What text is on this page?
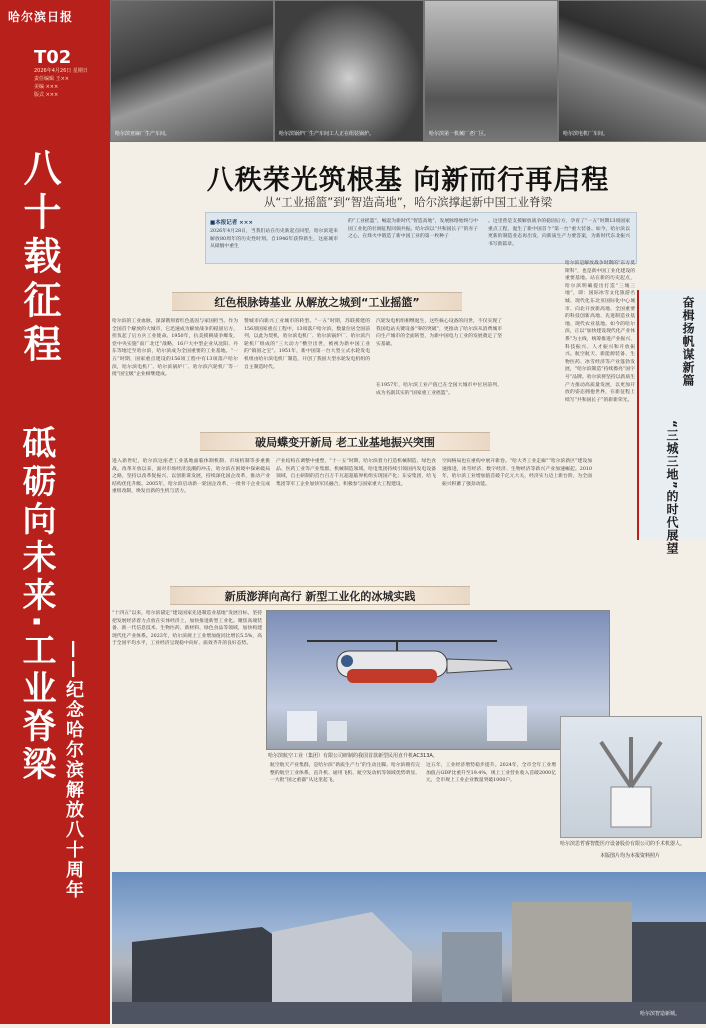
哈尔滨日报
T02
2026年4月26日 星期日
责任编辑 王××
美编 ×××
版式 ×××
八十载征程
砥砺向未来·工业脊梁 ——纪念哈尔滨解放八十周年
哈尔滨亚麻厂生产车间。	哈尔滨锅炉厂生产车间工人正在组装锅炉。	哈尔滨第一机械厂老厂区。	哈尔滨电机厂车间。
八秩荣光筑根基 向新而行再启程
从“工业摇篮”到“智造高地”，哈尔滨撑起新中国工业脊梁
■本报记者 ×××
2026年4月28日，当我们站在历史新起点回望，哈尔滨迎来解放80周年的历史性时刻。自1946年获得新生，这座城市从硝烟中重生
的“工业摇篮”，崛起为新时代“智造高地”，发展脉络始终与中国工业化的壮阔征程同频共振。哈尔滨以“共和国长子”的赤子之心，在烽火中锻造了新中国工业的第一枚种子
。这里曾是支援解放战争的稳固后方，孕育了“一五”时期13项国家重点工程，诞生了新中国首个“第一台”重大装备。如今，哈尔滨以更新的制造业态再出发，向新质生产力要答案，为新时代东北振兴书写新篇章。
红色根脉铸基业 从解放之城到“工业摇篮”
哈尔滨的工业血脉，深深镌刻着红色基因与家国担当。作为全国首个解放的大城市，它迅速成为解放战争的稳固后方，担负起了后方兵工业使命。1950年，抗美援朝战争爆发，党中央实施“南厂北迁”战略，16户大中型企业从沈阳、丹东等地迁至哈尔滨，哈尔滨成为全国重要的工业基地。“一五”时期，国家重点建设的156项工程中有13项落户哈尔滨，哈尔滨电机厂、哈尔滨锅炉厂、哈尔滨汽轮机厂等一批“国宝级”企业相继建成。
赞城市向新兴工业城市的转型。“一五”时期，苏联援建的156项国家重点工程中，13项落户哈尔滨，数量位居全国前列，以此为契机，哈尔滨电机厂、哈尔滨锅炉厂、哈尔滨汽轮机厂组成的“三大动力”横空出世，被视为新中国工业的“镇国之宝”。1951年，新中国第一台大型立式水轮发电机组由哈尔滨电机厂制造，开创了我国大型水轮发电机组的自主制造时代。
汽轮发电机组相继诞生，这些核心设备的问世，不仅实现了我国电站关键设备“零的突破”，更推动了哈尔滨从消费城市向生产城市的全面转型，为新中国电力工业的发展奠定了坚实基础。
在1957年，哈尔滨工业产值已在全国大城市中位居前列，成为名副其实的“国家重工业摇篮”。
破局蝶变开新局 老工业基地振兴突围
进入新世纪，哈尔滨这座老工业基地面临体制机制、市场机制等多重挑战。改革开放以来，面对市场经济浪潮的冲击，哈尔滨在困境中探索破局之路，坚持以改革促振兴、以创新谋发展，持续深化国企改革，推动产业结构优化升级。2005年，哈尔滨启动新一轮国企改革，一批骨干企业完成重组改制，焕发出新的生机与活力。
产业结构在调整中重塑，“十一五”时期，哈尔滨着力打造机械制造、绿色食品、医药工业等产业集群，机械制造领域，哈电集团持续引领国内发电设备领域，自主研制的首台百万千瓦超超临界机组实现国产化；东安集团、哈飞集团等军工企业加快军民融合，积极参与国家重大工程建设。
空间格局也在重构中展开新卷。“哈大齐工业走廊”“哈尔滨新区”建设加速推进，冰雪经济、数字经济、生物经济等新兴产业加速崛起。2010年，哈尔滨工业增加值首破千亿元大关，经济实力迈上新台阶，为全面振兴积蓄了强劲动能。
新质澎湃向高行 新型工业化的冰城实践
“十四五”以来，哈尔滨锚定“建设国家先进制造业基地”发展目标，坚持把发展经济着力点放在实体经济上，加快推进新型工业化。聚焦高端装备、新一代信息技术、生物医药、新材料、绿色食品等领域，加快构建现代化产业体系。2023年，哈尔滨规上工业增加值同比增长5.5%，高于全国平均水平，工业经济呈现稳中向好、质效齐升的良好态势。
哈尔滨航空工业（集团）有限公司研制的我国首款新型民用直升机AC313A。
航空航天产业集群，是哈尔滨“新质生产力”的生动注脚。哈尔滨拥有完整的航空工业体系，直升机、通用飞机、航空发动机等领域优势明显，一大批“国之重器”从这里起飞。
这五年，工业经济增势稳步提升。2024年，全市全年工业增加值占GDP比重升至19.4%，规上工业营业收入首破2000亿元，全市规上工业企业数量突破1000户。
哈尔滨思哲睿智能医疗设备股份有限公司的手术机器人。
本版图片均为本报资料照片
奋楫扬帆谋新篇
“三城三地”的时代展望
哈尔滨是解放战争时期的“东方莫斯科”，也是新中国工业化建设的重要基地。站在新的历史起点，哈尔滨明确提出打造“三城三地”，即：国际冰雪文化旅游名城、现代化东北亚国际化中心城市、向北开放新高地、全国重要的科技创新高地、先进制造业基地、现代农业基地。如今的哈尔滨，正以“加快建设现代化产业体系”为主线，统筹推进产业振兴、科技振兴、人才振兴和开放振兴。航空航天、新能源装备、生物医药、冰雪经济等产业蓬勃发展，“哈尔滨制造”持续擦亮“国字号”品牌。哈尔滨将坚持以新质生产力推动高质量发展，以更加开放的姿态拥抱世界，在新征程上续写“共和国长子”的崭新荣光。
哈尔滨智造新城。
